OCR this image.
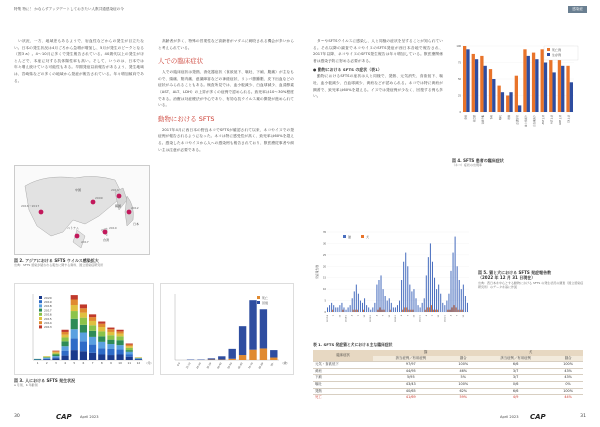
特集 特に！ かならずアップデートしておきたい人獣共通感染症の今	感染症

い状況、一方、地域差もあるようで、岩血性などからの発生が目立たない。日本の発生状況は4月ごろから急増が増加し、5月が発生のピークとなる（図3 a）。4〜10月に多くで発生報告されている。40歳代以上の発生がほとんどで、本症に対する抗体陽性率も高い。そして、いうのは、日本では年々増え続けている可能性もある。早期発症以前報告があるよう、発生地域は、宮崎県などの多くの地域から発症が報告されている。年々増加傾向である。

2016〜2017
2009
2013
2012
2010
2017
中国
韓国
日本
ベトナム
台湾
図 2. アジアにおける SFTS ウイルス感染拡大
出典：SFTS 感染が疑われる報告に関する資料、国立感染症研究所

高齢者が多く、特殊の営業性など高齢者がマダニに刺咬される機会が多いからと考えられている。

人での臨床症状

人での臨床症状は発熱、消化器症状（食欲低下、嘔吐、下痢、腹痛）が主なもので、頭痛、筋肉痛、意識障害などの神経症状、リンパ節腫脹、皮下出血などの症状がみられることもある。検査所見では、血小板減少、白血球減少、血清酵素（AST、ALT、LDH）の上昇が多くの症例で認められる。致死率は10〜30%程度である。治療は対症療法が中心であり、有効な抗ウイルス薬の開発が進められている。

動物における SFTS

2017年4月に西日本の野良ネコでSFTSが確認されて以来、ネコやイヌでの発症例が報告されるようになった。ネコは特に感受性が高く、致死率は60%を超える。感染したネコやイヌから人への感染例も報告されており、獣医療従事者や飼い主は注意が必要である。

1	2	3	4	5	6	7	8	9 10 11 12 (月)
2020
2019
2018
2017
2016
2015
2014
2013
0-9 10-19 20-29 30-39 40-49 50-59 60-69 70-79 80-89 90-	(歳)
死亡
回復
図 3. 人における SFTS 発生状況
a 月別、b 年齢別

ターやSFTSウイルスに感染し、人と同様の症状を呈することが知られている。それ以降の調査でネコやイヌのSFTS発症が西日本各地で報告され、2017年以降、ネコやイヌのSFTS発生報告は年々増加している。獣医療関係者は感染予防に努める必要がある。

● 動物における SFTS の症状（表1）

動物におけるSFTSの症状は人と同様で、発熱、元気消失、食欲低下、嘔吐、血小板減少、白血球減少、黄疸などが認められる。ネコでは特に黄疸が顕著で、致死率は60%を超える。イヌでは発症例が少なく、回復する例も多い。

0
25
50
75
100
発熱	倦怠感	食欲不振	下痢	嘔吐	頭痛	意識障害	血小板減少	白血球減少	AST上昇	ALT上昇	LDH上昇	CK上昇
死亡例
生存例
図 4. SFTS 患者の臨床症状
（ネコ）症状の出現率
0
5
10
15
20
25
30
35
発症報告数
2017/4 7 10 2018/1 4 7 10 2019/1 4 7 10 2020/1 4 7 10 2021/1 4 7 10 2022/1 4 7 10
猫	犬
図 5. 猫と犬における SFTS 発症報告数
（2022 年 12 月 31 日現在）
出典：西日本を中心とする動物における SFTS の発生状況の調査（国立感染症研究所）のデータを基に作図
表 1. SFTS 発症猫と犬における主な臨床症状
臨床症状	猫		犬	
	該当症例／有用症例	割合	該当症例／有用症例	割合
元気・食欲低下	97/97	100%	6/6	100%
黄疸	44/95	46%	3/7	43%
下痢	5/95	5%	3/7	43%
嘔吐	43/43	100%	0/6	0%
発熱	40/65	62%	6/6	100%
死亡	41/69	59%	4/9	44%
30	CAP April 2023	April 2023 CAP	31
